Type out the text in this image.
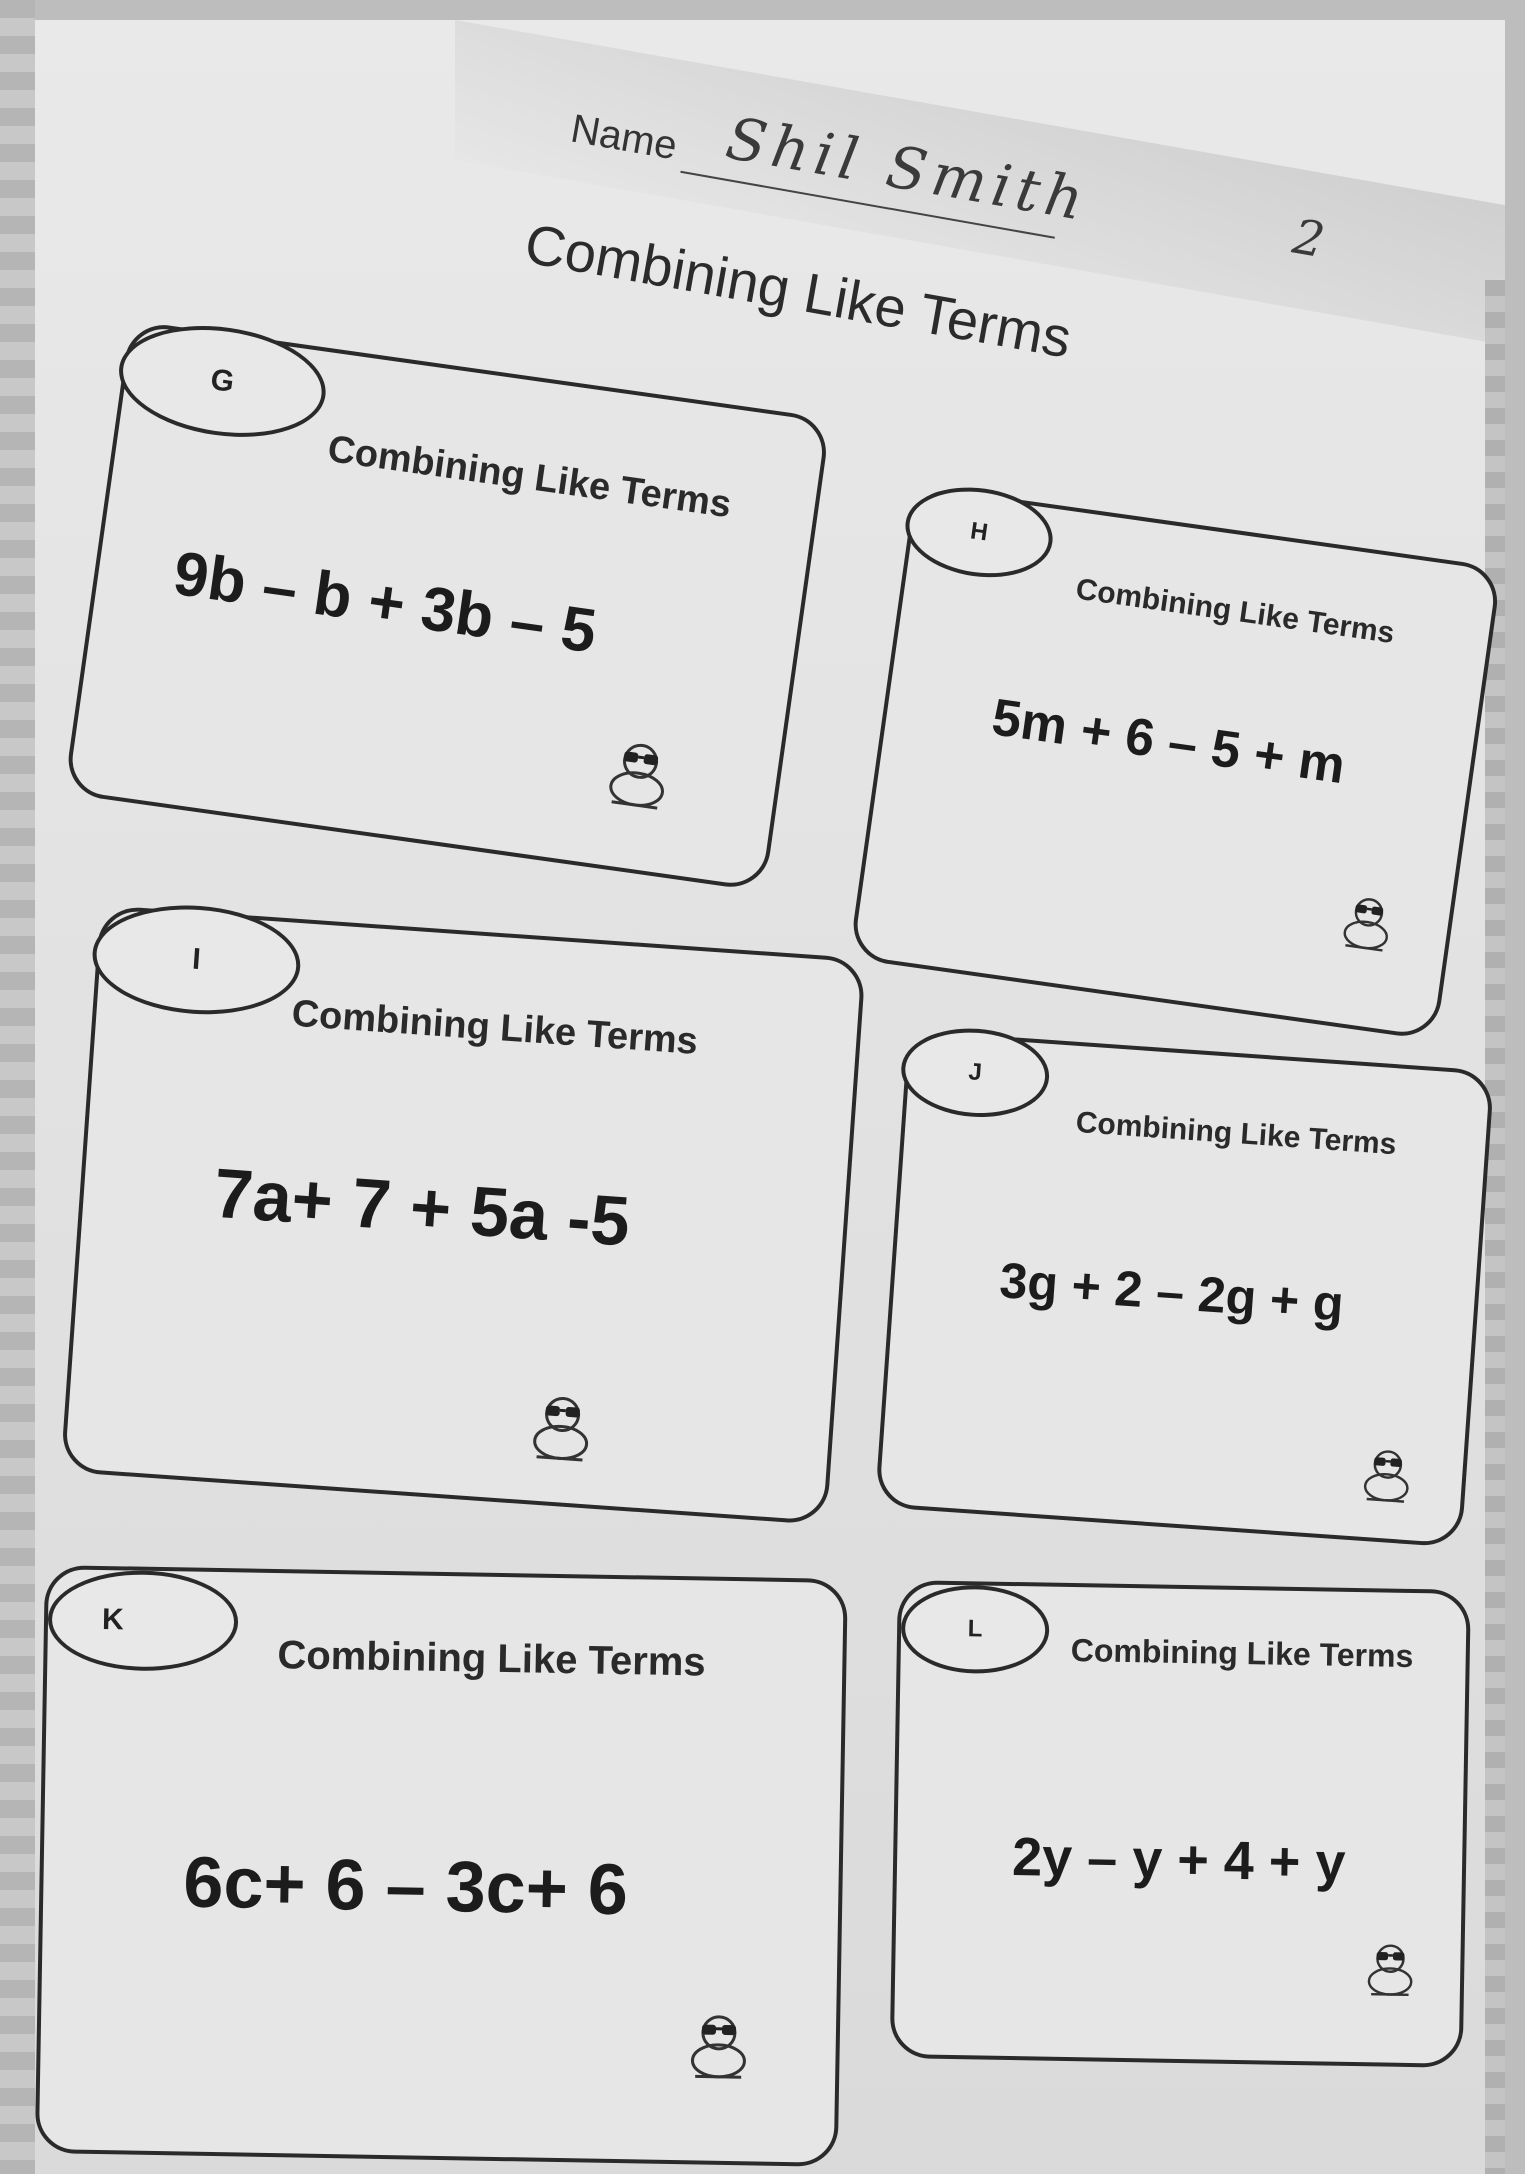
Name Shil Smith
2
Combining Like Terms
G
Combining Like Terms
9b – b + 3b – 5
H
Combining Like Terms
5m + 6 – 5 + m
I
Combining Like Terms
7a+ 7 + 5a -5
J
Combining Like Terms
3g + 2 – 2g + g
K
Combining Like Terms
6c+ 6 – 3c+ 6
L
Combining Like Terms
2y – y + 4 + y
